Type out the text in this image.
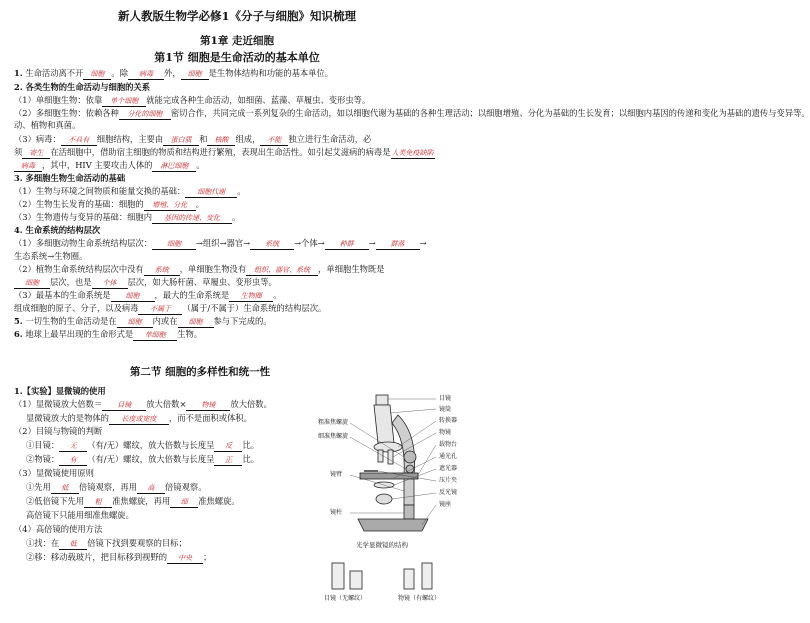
新人教版生物学必修1《分子与细胞》知识梳理
第1章 走近细胞
第1节 细胞是生命活动的基本单位
1. 生命活动离不开 细胞 。除 病毒 外， 细胞 是生物体结构和功能的基本单位。
2. 各类生物的生命活动与细胞的关系
（1）单细胞生物：依靠 单个细胞 就能完成各种生命活动，如细菌、蓝藻、草履虫、变形虫等。
（2）多细胞生物：依赖各种 分化的细胞 密切合作，共同完成一系列复杂的生命活动，如以细胞代谢为基础的各种生理活动；以细胞增殖、分化为基础的生长发育；以细胞内基因的传递和变化为基础的遗传与变异等。
动、植物和真菌。
（3）病毒： 不具有 细胞结构，主要由 蛋白质 和 核酸 组成， 不能 独立进行生命活动，必
须 寄生 在活细胞中，借助宿主细胞的物质和结构进行繁殖，表现出生命活性。如引起艾滋病的病毒是人类免疫缺陷
病毒 ，其中，HIV 主要攻击人体的 淋巴细胞 。
3. 多细胞生物生命活动的基础
（1）生物与环境之间物质和能量交换的基础： 细胞代谢 。
（2）生物生长发育的基础：细胞的 增殖、分化 。
（3）生物遗传与变异的基础：细胞内 基因的传递、变化 。
4. 生命系统的结构层次
（1）多细胞动物生命系统结构层次： 细胞 →组织→器官→ 系统 →个体→ 种群 → 群落 →
生态系统→生物圈。
（2）植物生命系统结构层次中没有 系统 ，单细胞生物没有 组织、器官、系统 ，单细胞生物既是
细胞 层次，也是 个体 层次，如大肠杆菌、草履虫、变形虫等。
（3）最基本的生命系统是 细胞 ，最大的生命系统是 生物圈 。
组成细胞的原子、分子，以及病毒 不属于 （属于/不属于）生命系统的结构层次。
5. 一切生物的生命活动是在 细胞 内或在 细胞 参与下完成的。
6. 地球上最早出现的生命形式是 单细胞 生物。
第二节 细胞的多样性和统一性
1.【实验】显微镜的使用
（1）显微镜放大倍数＝ 目镜 放大倍数× 物镜 放大倍数。
显微镜放大的是物体的 长度或宽度 ，而不是面积或体积。
（2）目镜与物镜的判断
①目镜： 无 （有/无）螺纹，放大倍数与长度呈 反 比。
②物镜： 有 （有/无）螺纹，放大倍数与长度呈 正 比。
（3）显微镜使用原则
①先用 低 倍镜观察，再用 高 倍镜观察。
②低倍镜下先用 粗 准焦螺旋，再用 细 准焦螺旋。
高倍镜下只能用细准焦螺旋。
（4）高倍镜的使用方法
①找：在 低 倍镜下找到要观察的目标；
②移：移动载玻片，把目标移到视野的 中央 ；
目镜
镜筒
转换器
物镜
载物台
通光孔
遮光器
压片夹
反光镜
镜座
粗准焦螺旋
细准焦螺旋
镜臂
镜柱
光学显微镜的结构
目镜（无螺纹）	物镜（有螺纹）
